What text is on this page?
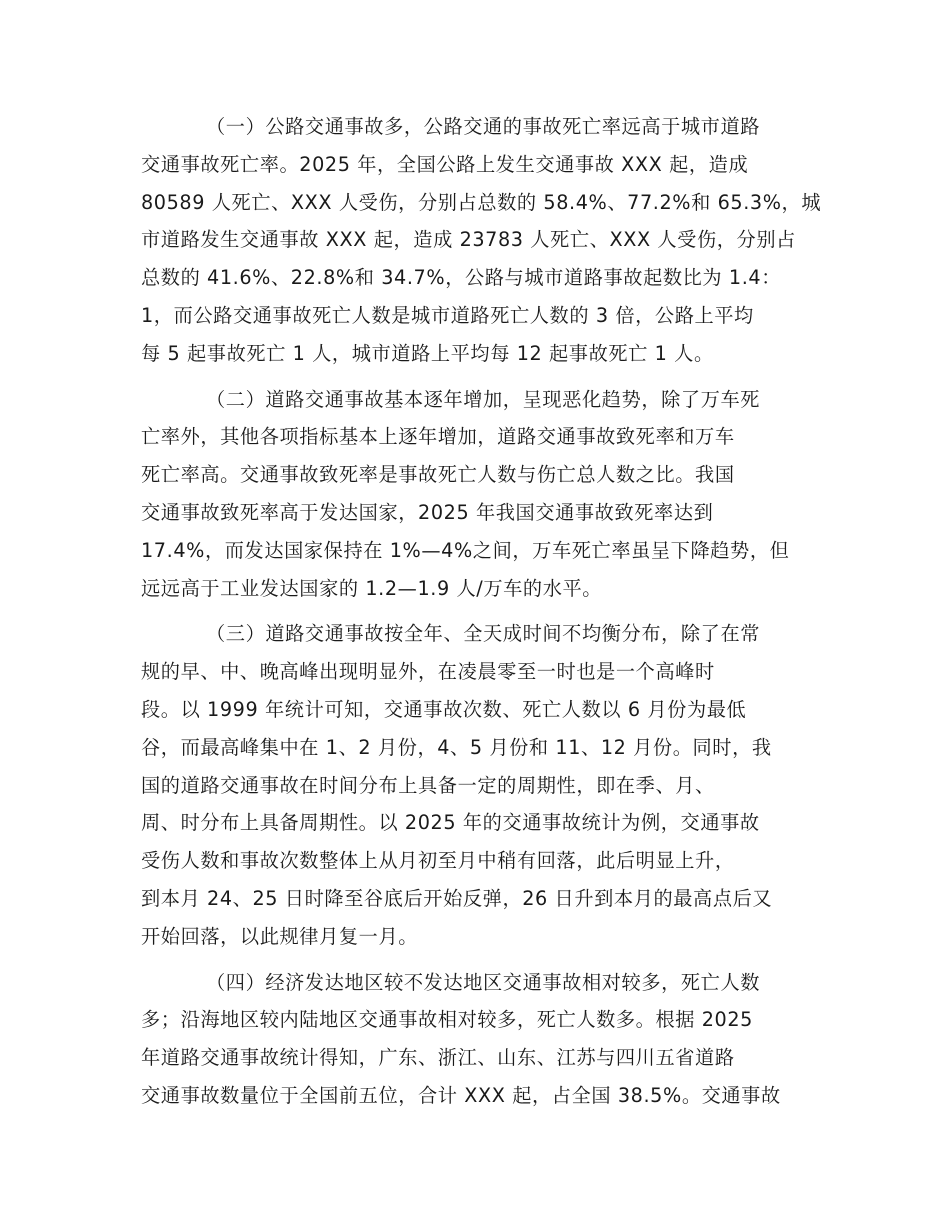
（一）公路交通事故多，公路交通的事故死亡率远高于城市道路
交通事故死亡率。2025 年，全国公路上发生交通事故 XXX 起，造成
80589 人死亡、XXX 人受伤，分别占总数的 58.4%、77.2%和 65.3%，城
市道路发生交通事故 XXX 起，造成 23783 人死亡、XXX 人受伤，分别占
总数的 41.6%、22.8%和 34.7%，公路与城市道路事故起数比为 1.4：
1，而公路交通事故死亡人数是城市道路死亡人数的 3 倍，公路上平均
每 5 起事故死亡 1 人，城市道路上平均每 12 起事故死亡 1 人。

（二）道路交通事故基本逐年增加，呈现恶化趋势，除了万车死
亡率外，其他各项指标基本上逐年增加，道路交通事故致死率和万车
死亡率高。交通事故致死率是事故死亡人数与伤亡总人数之比。我国
交通事故致死率高于发达国家，2025 年我国交通事故致死率达到
17.4%，而发达国家保持在 1%—4%之间，万车死亡率虽呈下降趋势，但
远远高于工业发达国家的 1.2—1.9 人/万车的水平。

（三）道路交通事故按全年、全天成时间不均衡分布，除了在常
规的早、中、晚高峰出现明显外，在凌晨零至一时也是一个高峰时
段。以 1999 年统计可知，交通事故次数、死亡人数以 6 月份为最低
谷，而最高峰集中在 1、2 月份，4、5 月份和 11、12 月份。同时，我
国的道路交通事故在时间分布上具备一定的周期性，即在季、月、
周、时分布上具备周期性。以 2025 年的交通事故统计为例，交通事故
受伤人数和事故次数整体上从月初至月中稍有回落，此后明显上升，
到本月 24、25 日时降至谷底后开始反弹，26 日升到本月的最高点后又
开始回落，以此规律月复一月。

（四）经济发达地区较不发达地区交通事故相对较多，死亡人数
多；沿海地区较内陆地区交通事故相对较多，死亡人数多。根据 2025
年道路交通事故统计得知，广东、浙江、山东、江苏与四川五省道路
交通事故数量位于全国前五位，合计 XXX 起，占全国 38.5%。交通事故
